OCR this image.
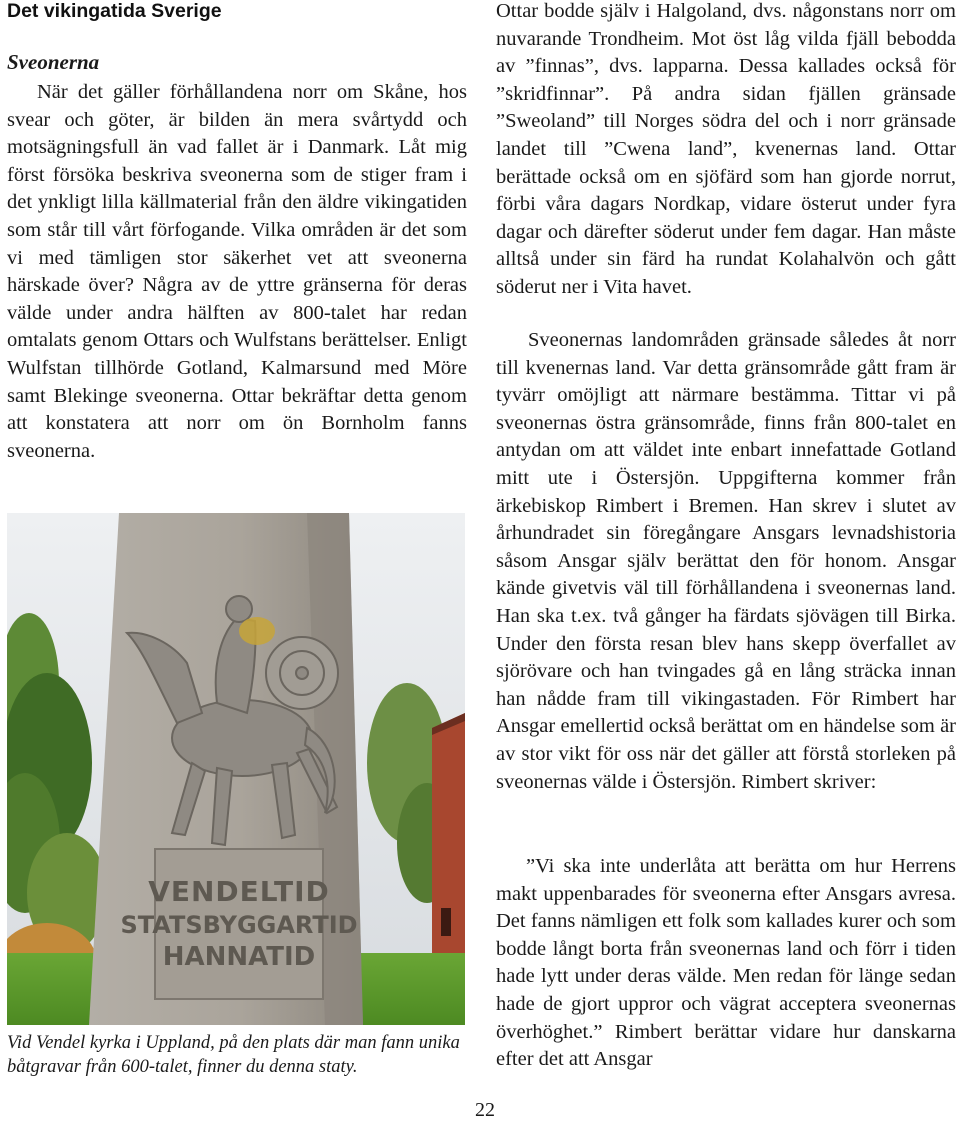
Det vikingatida Sverige
Sveonerna

När det gäller förhållandena norr om Skåne, hos svear och göter, är bilden än mera svårtydd och motsägningsfull än vad fallet är i Danmark. Låt mig först försöka beskriva sveonerna som de stiger fram i det ynkligt lilla källmaterial från den äldre vikingatiden som står till vårt förfogande. Vilka områden är det som vi med tämligen stor säkerhet vet att sveonerna härskade över? Några av de yttre gränserna för deras välde under andra hälften av 800-talet har redan omtalats genom Ottars och Wulfstans berättelser. Enligt Wulfstan tillhörde Gotland, Kalmarsund med Möre samt Blekinge sveonerna. Ottar bekräftar detta genom att konstatera att norr om ön Bornholm fanns sveonerna.

VENDELTID
STATSBYGGARTID
HANNATID
Vid Vendel kyrka i Uppland, på den plats där man fann unika båtgravar från 600-talet, finner du denna staty.

Ottar bodde själv i Halgoland, dvs. någonstans norr om nuvarande Trondheim. Mot öst låg vilda fjäll bebodda av ”finnas”, dvs. lapparna. Dessa kallades också för ”skridfinnar”. På andra sidan fjällen gränsade ”Sweoland” till Norges södra del och i norr gränsade landet till ”Cwena land”, kvenernas land. Ottar berättade också om en sjöfärd som han gjorde norrut, förbi våra dagars Nordkap, vidare österut under fyra dagar och därefter söderut under fem dagar. Han måste alltså under sin färd ha rundat Kolahalvön och gått söderut ner i Vita havet.

Sveonernas landområden gränsade således åt norr till kvenernas land. Var detta gränsområde gått fram är tyvärr omöjligt att närmare bestämma. Tittar vi på sveonernas östra gränsområde, finns från 800-talet en antydan om att väldet inte enbart innefattade Gotland mitt ute i Östersjön. Uppgifterna kommer från ärkebiskop Rimbert i Bremen. Han skrev i slutet av århundradet sin föregångare Ansgars levnadshistoria såsom Ansgar själv berättat den för honom. Ansgar kände givetvis väl till förhållandena i sveonernas land. Han ska t.ex. två gånger ha färdats sjövägen till Birka. Under den första resan blev hans skepp överfallet av sjörövare och han tvingades gå en lång sträcka innan han nådde fram till vikingastaden. För Rimbert har Ansgar emellertid också berättat om en händelse som är av stor vikt för oss när det gäller att förstå storleken på sveonernas välde i Östersjön. Rimbert skriver:

”Vi ska inte underlåta att berätta om hur Herrens makt uppenbarades för sveonerna efter Ansgars avresa. Det fanns nämligen ett folk som kallades kurer och som bodde långt borta från sveonernas land och förr i tiden hade lytt under deras välde. Men redan för länge sedan hade de gjort uppror och vägrat acceptera sveonernas överhöghet.” Rimbert berättar vidare hur danskarna efter det att Ansgar

22
